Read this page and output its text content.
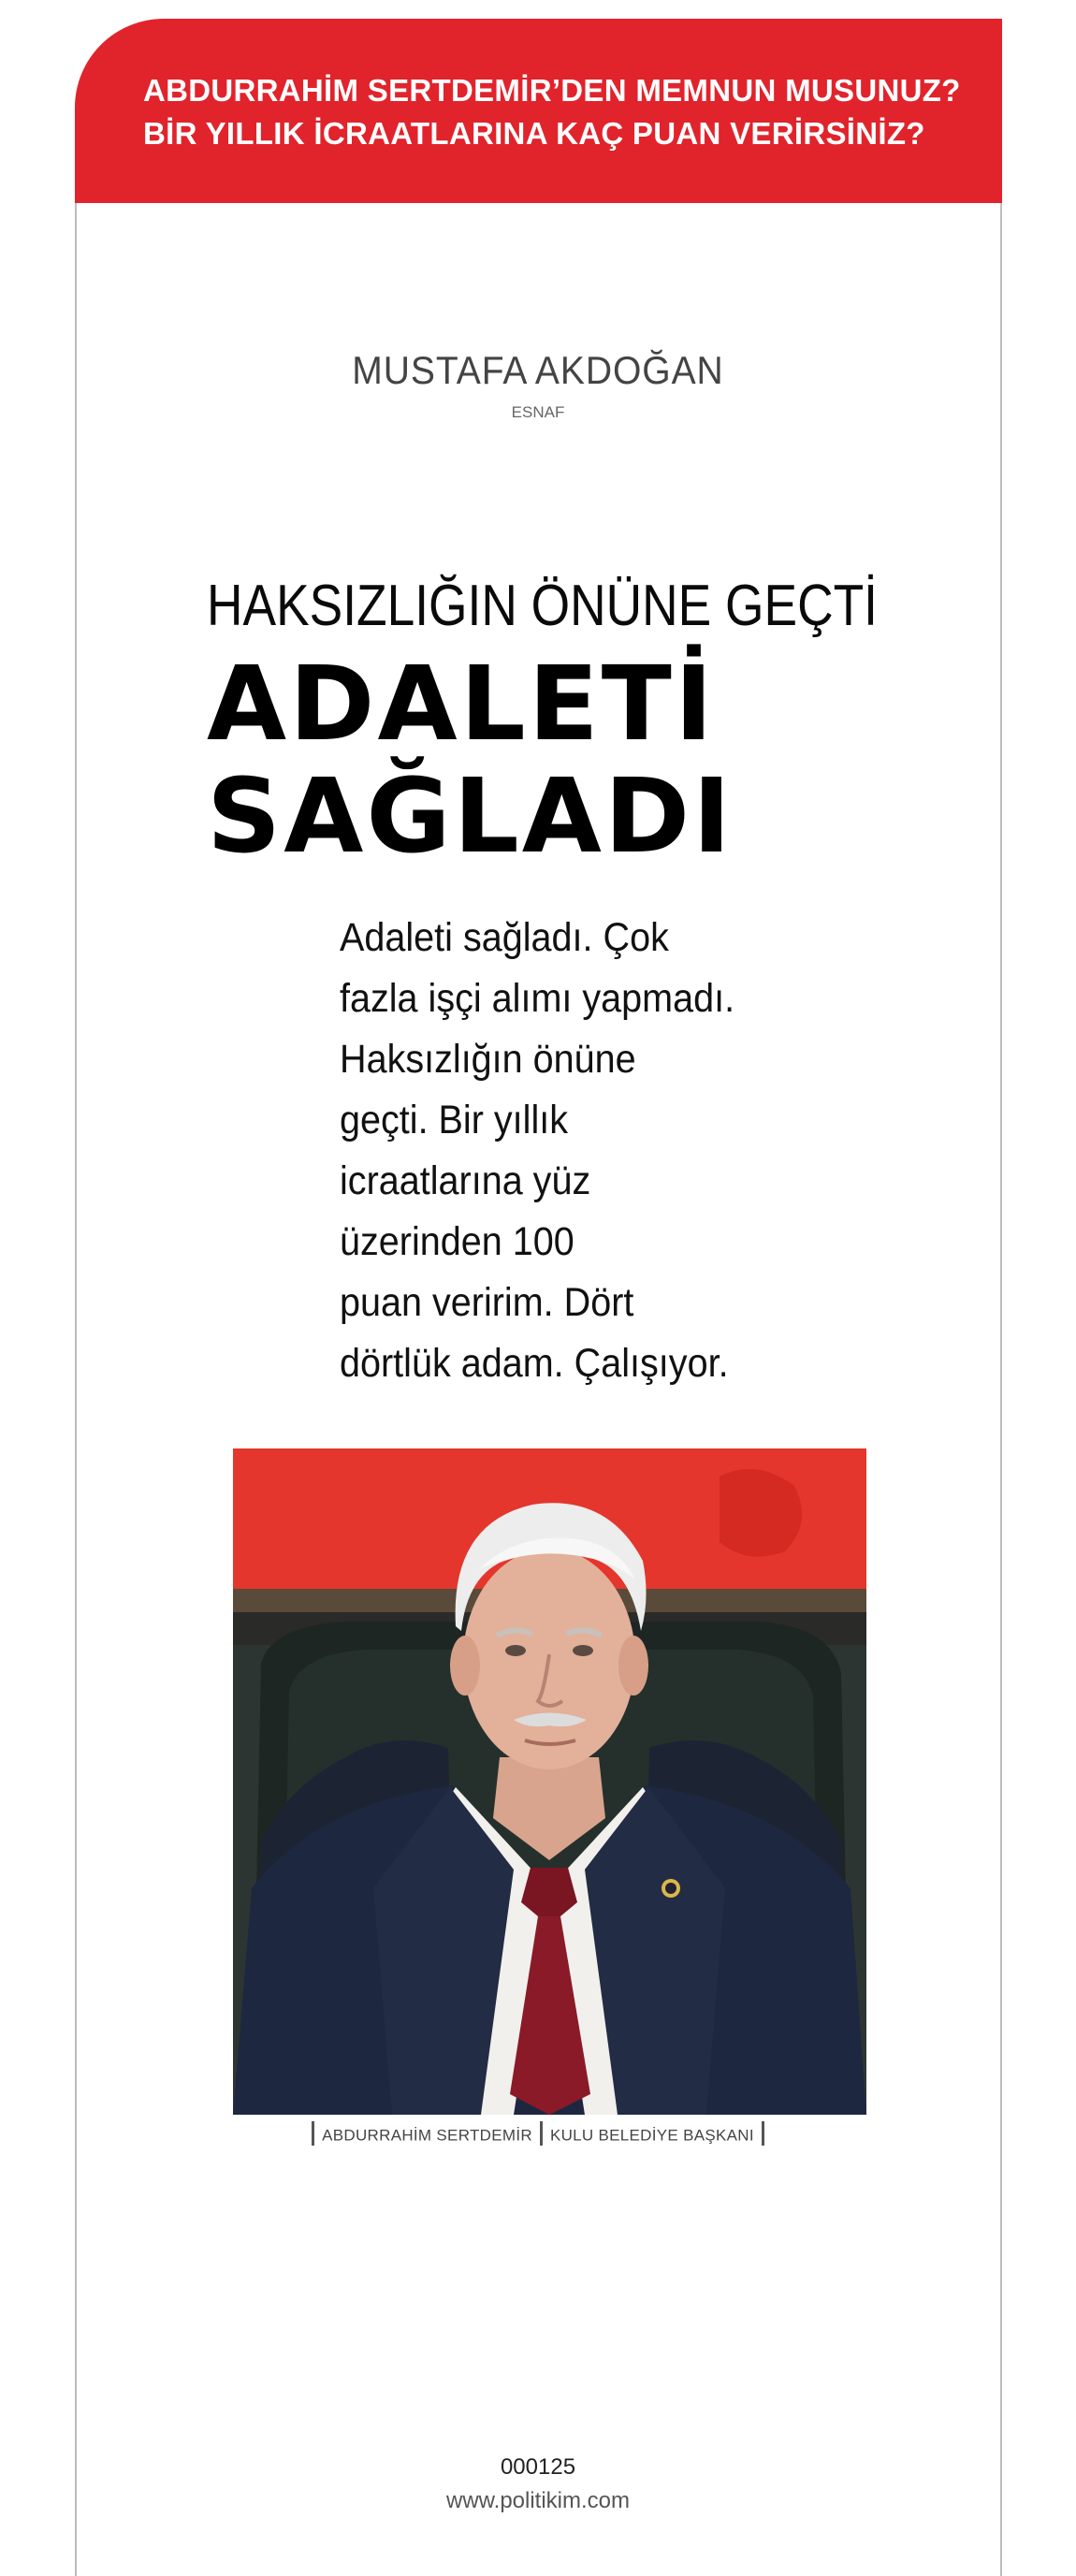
ABDURRAHİM SERTDEMİR’DEN MEMNUN MUSUNUZ?
BİR YILLIK İCRAATLARINA KAÇ PUAN VERİRSİNİZ?
MUSTAFA AKDOĞAN
ESNAF
HAKSIZLIĞIN ÖNÜNE GEÇTİ
ADALETİ
SAĞLADI
Adaleti sağladı. Çok
fazla işçi alımı yapmadı.
Haksızlığın önüne
geçti. Bir yıllık
icraatlarına yüz
üzerinden 100
puan veririm. Dört
dörtlük adam. Çalışıyor.
ABDURRAHİM SERTDEMİR KULU BELEDİYE BAŞKANI
000125
www.politikim.com
